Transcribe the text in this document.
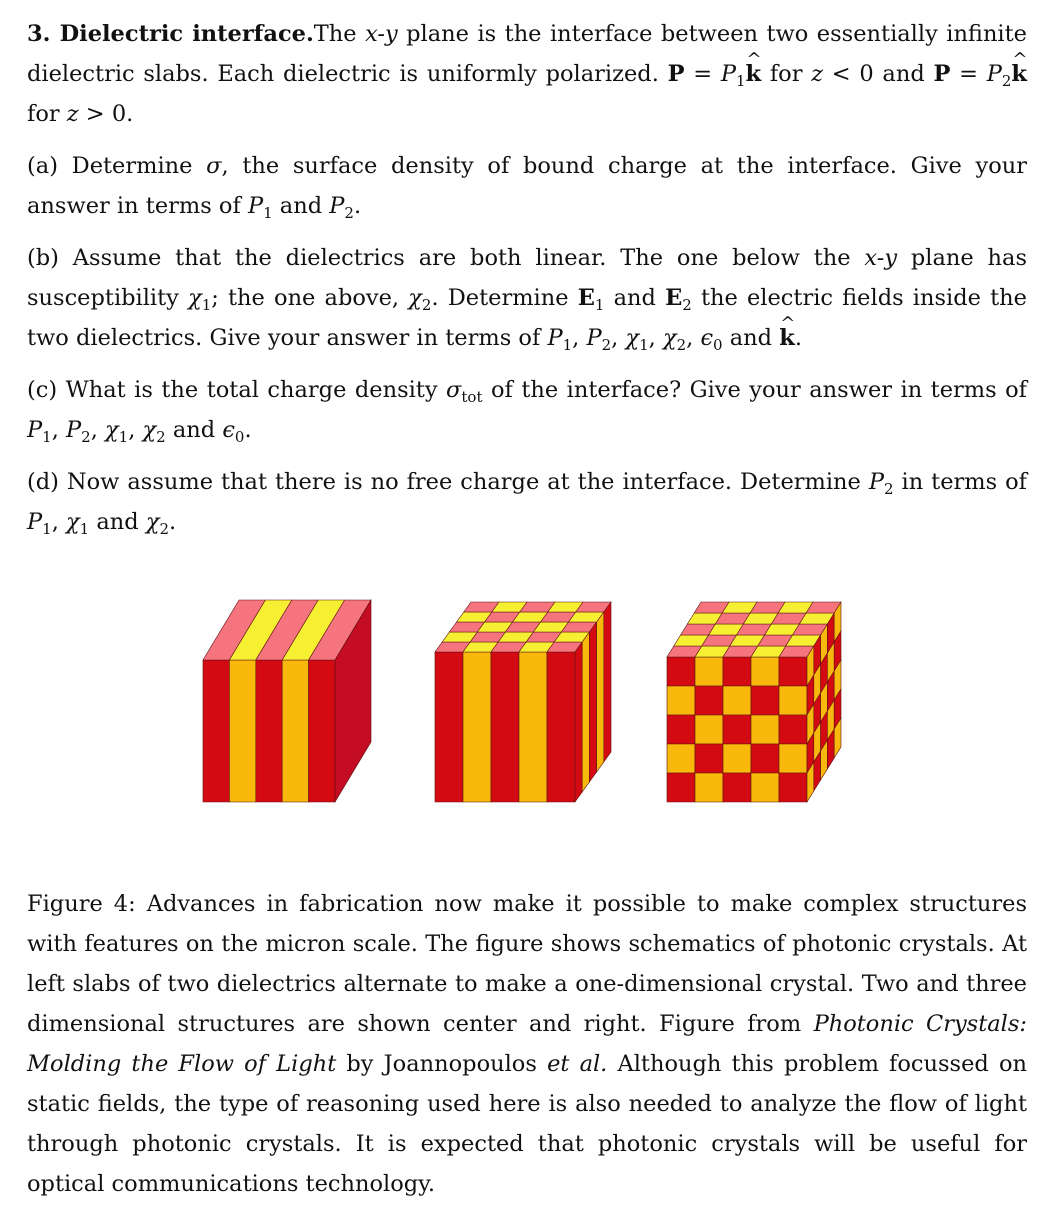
3. Dielectric interface.The x-y plane is the interface between two essentially infinite dielectric slabs. Each dielectric is uniformly polarized. $P = P_1\^{}$ k for z < 0 and $P = P_2\^{}$ k for z > 0.

(a) Determine σ, the surface density of bound charge at the interface. Give your answer in terms of $P_1$ and $P_2$.

(b) Assume that the dielectrics are both linear. The one below the x-y plane has susceptibility $\chi_1$; the one above, $\chi_2$. Determine $E_1$ and $E_2$ the electric fields inside the two dielectrics. Give your answer in terms of $P_1$, $P_2$, $\chi_1$, $\chi_2$, $\epsilon_0$ and ^ k.

(c) What is the total charge density $\sigma_{tot}$ of the interface? Give your answer in terms of $P_1$, $P_2$, $\chi_1$, $\chi_2$ and $\epsilon_0$.

(d) Now assume that there is no free charge at the interface. Determine $P_2$ in terms of $P_1$, $\chi_1$ and $\chi_2$.

Figure 4: Advances in fabrication now make it possible to make complex structures with features on the micron scale. The figure shows schematics of photonic crystals. At left slabs of two dielectrics alternate to make a one-dimensional crystal. Two and three dimensional structures are shown center and right. Figure from Photonic Crystals: Molding the Flow of Light by Joannopoulos et al. Although this problem focussed on static fields, the type of reasoning used here is also needed to analyze the flow of light through photonic crystals. It is expected that photonic crystals will be useful for optical communications technology.
